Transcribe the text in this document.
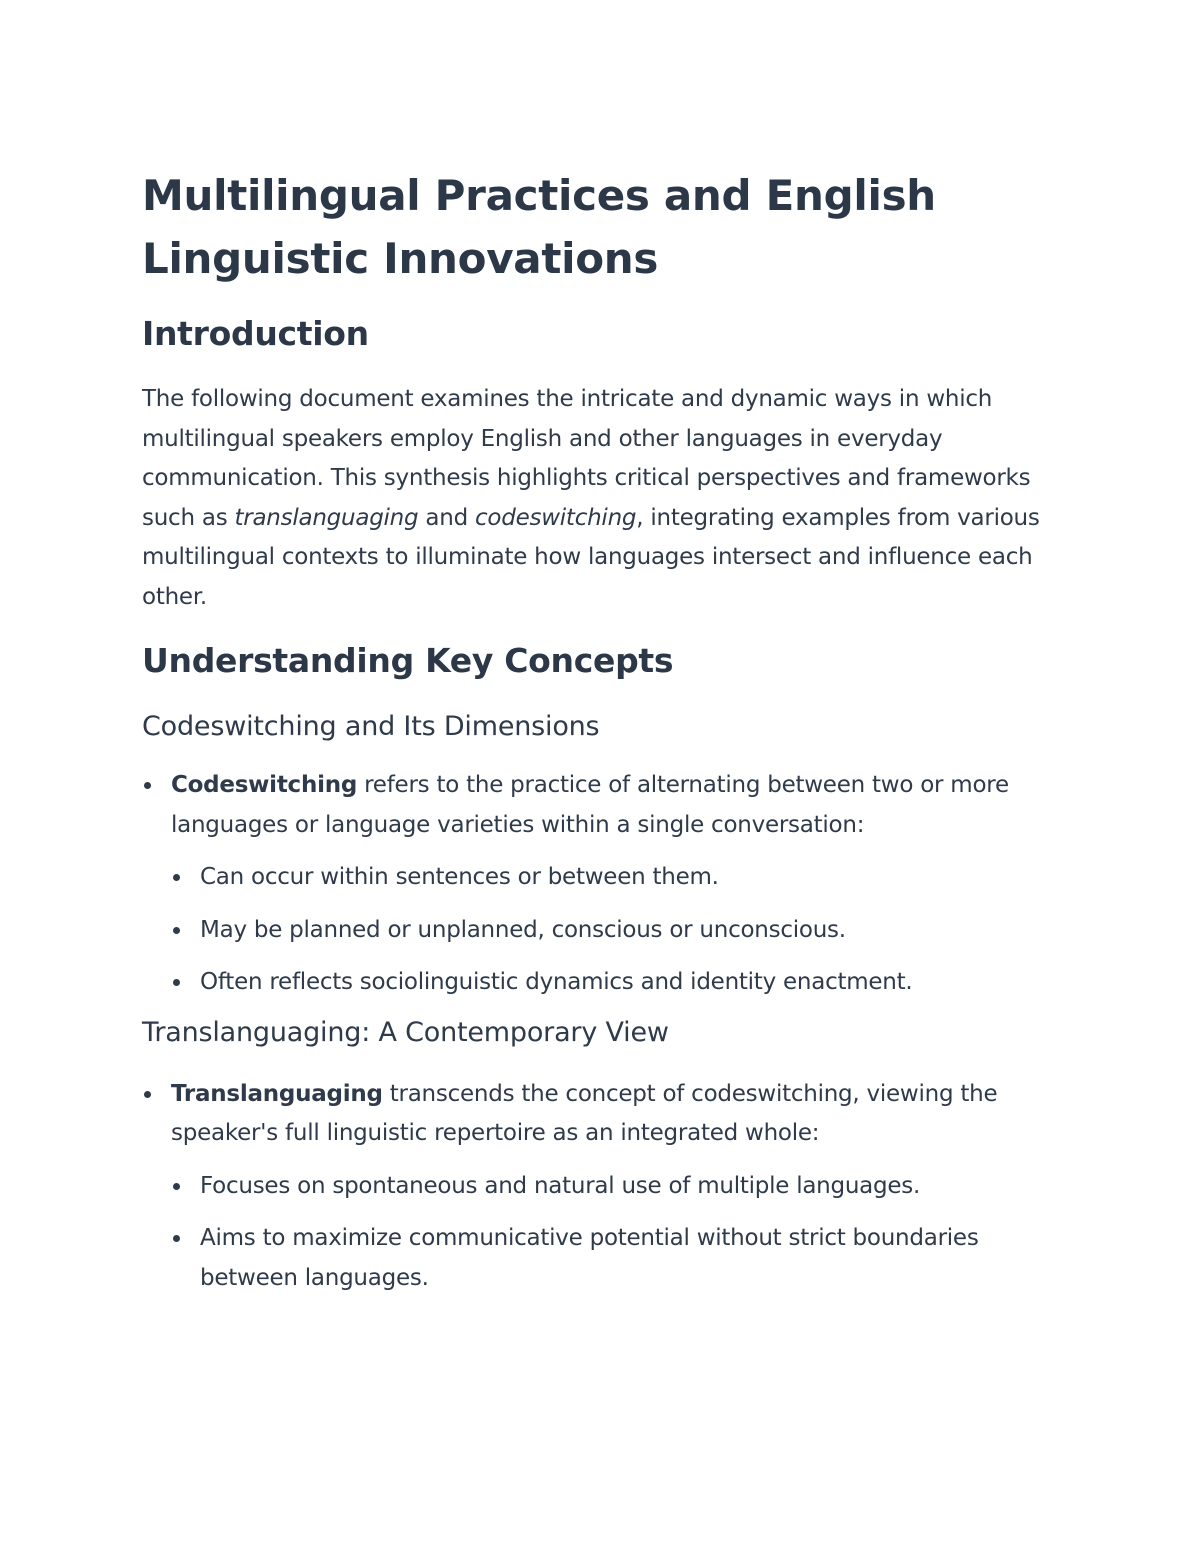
Multilingual Practices and English Linguistic Innovations
Introduction

The following document examines the intricate and dynamic ways in which multilingual speakers employ English and other languages in everyday communication. This synthesis highlights critical perspectives and frameworks such as translanguaging and codeswitching, integrating examples from various multilingual contexts to illuminate how languages intersect and influence each other.

Understanding Key Concepts
Codeswitching and Its Dimensions
Codeswitching refers to the practice of alternating between two or more languages or language varieties within a single conversation:
Can occur within sentences or between them.
May be planned or unplanned, conscious or unconscious.
Often reflects sociolinguistic dynamics and identity enactment.
Translanguaging: A Contemporary View
Translanguaging transcends the concept of codeswitching, viewing the speaker's full linguistic repertoire as an integrated whole:
Focuses on spontaneous and natural use of multiple languages.
Aims to maximize communicative potential without strict boundaries between languages.
